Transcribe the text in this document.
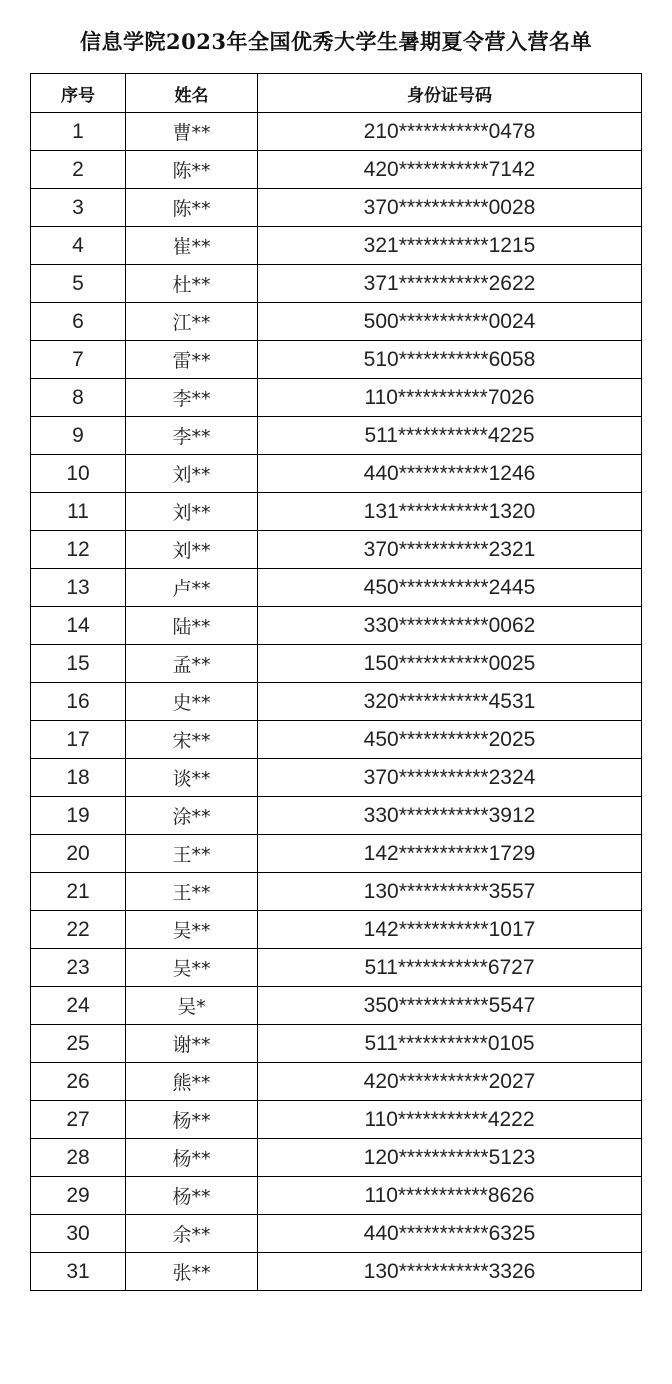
信息学院2023年全国优秀大学生暑期夏令营入营名单
序号	姓名	身份证号码
1	曹**	210***********0478
2	陈**	420***********7142
3	陈**	370***********0028
4	崔**	321***********1215
5	杜**	371***********2622
6	江**	500***********0024
7	雷**	510***********6058
8	李**	110***********7026
9	李**	511***********4225
10	刘**	440***********1246
11	刘**	131***********1320
12	刘**	370***********2321
13	卢**	450***********2445
14	陆**	330***********0062
15	孟**	150***********0025
16	史**	320***********4531
17	宋**	450***********2025
18	谈**	370***********2324
19	涂**	330***********3912
20	王**	142***********1729
21	王**	130***********3557
22	吴**	142***********1017
23	吴**	511***********6727
24	吴*	350***********5547
25	谢**	511***********0105
26	熊**	420***********2027
27	杨**	110***********4222
28	杨**	120***********5123
29	杨**	110***********8626
30	余**	440***********6325
31	张**	130***********3326
